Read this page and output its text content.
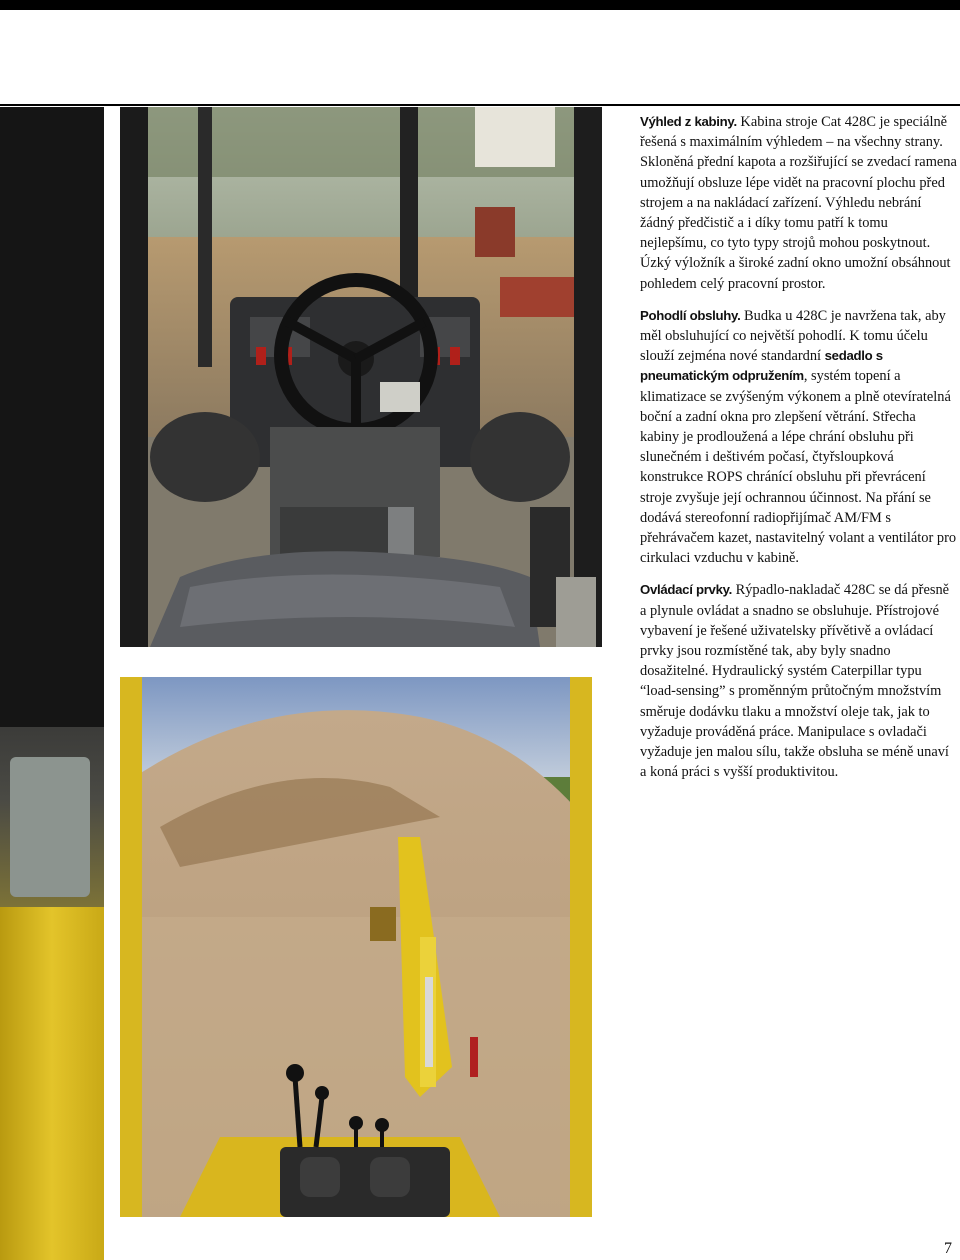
Výhled z kabiny. Kabina stroje Cat 428C je speciálně řešená s maximálním výhledem – na všechny strany. Skloněná přední kapota a rozšiřující se zvedací ramena umožňují obsluze lépe vidět na pracovní plochu před strojem a na nakládací zařízení. Výhledu nebrání žádný předčistič a i díky tomu patří k tomu nejlepšímu, co tyto typy strojů mohou poskytnout. Úzký výložník a široké zadní okno umožní obsáhnout pohledem celý pracovní prostor.

Pohodlí obsluhy. Budka u 428C je navržena tak, aby měl obsluhující co největší pohodlí. K tomu účelu slouží zejména nové standardní sedadlo s pneumatickým odpružením, systém topení a klimatizace se zvýšeným výkonem a plně otevíratelná boční a zadní okna pro zlepšení větrání. Střecha kabiny je prodloužená a lépe chrání obsluhu při slunečném i deštivém počasí, čtyřsloupková konstrukce ROPS chránící obsluhu při převrácení stroje zvyšuje její ochrannou účinnost. Na přání se dodává stereofonní radiopřijímač AM/FM s přehrávačem kazet, nastavitelný volant a ventilátor pro cirkulaci vzduchu v kabině.

Ovládací prvky. Rýpadlo-nakladač 428C se dá přesně a plynule ovládat a snadno se obsluhuje. Přístrojové vybavení je řešené uživatelsky přívětivě a ovládací prvky jsou rozmístěné tak, aby byly snadno dosažitelné. Hydraulický systém Caterpillar typu “load-sensing” s proměnným průtočným množstvím směruje dodávku tlaku a množství oleje tak, jak to vyžaduje prováděná práce. Manipulace s ovladači vyžaduje jen malou sílu, takže obsluha se méně unaví a koná práci s vyšší produktivitou.

7
